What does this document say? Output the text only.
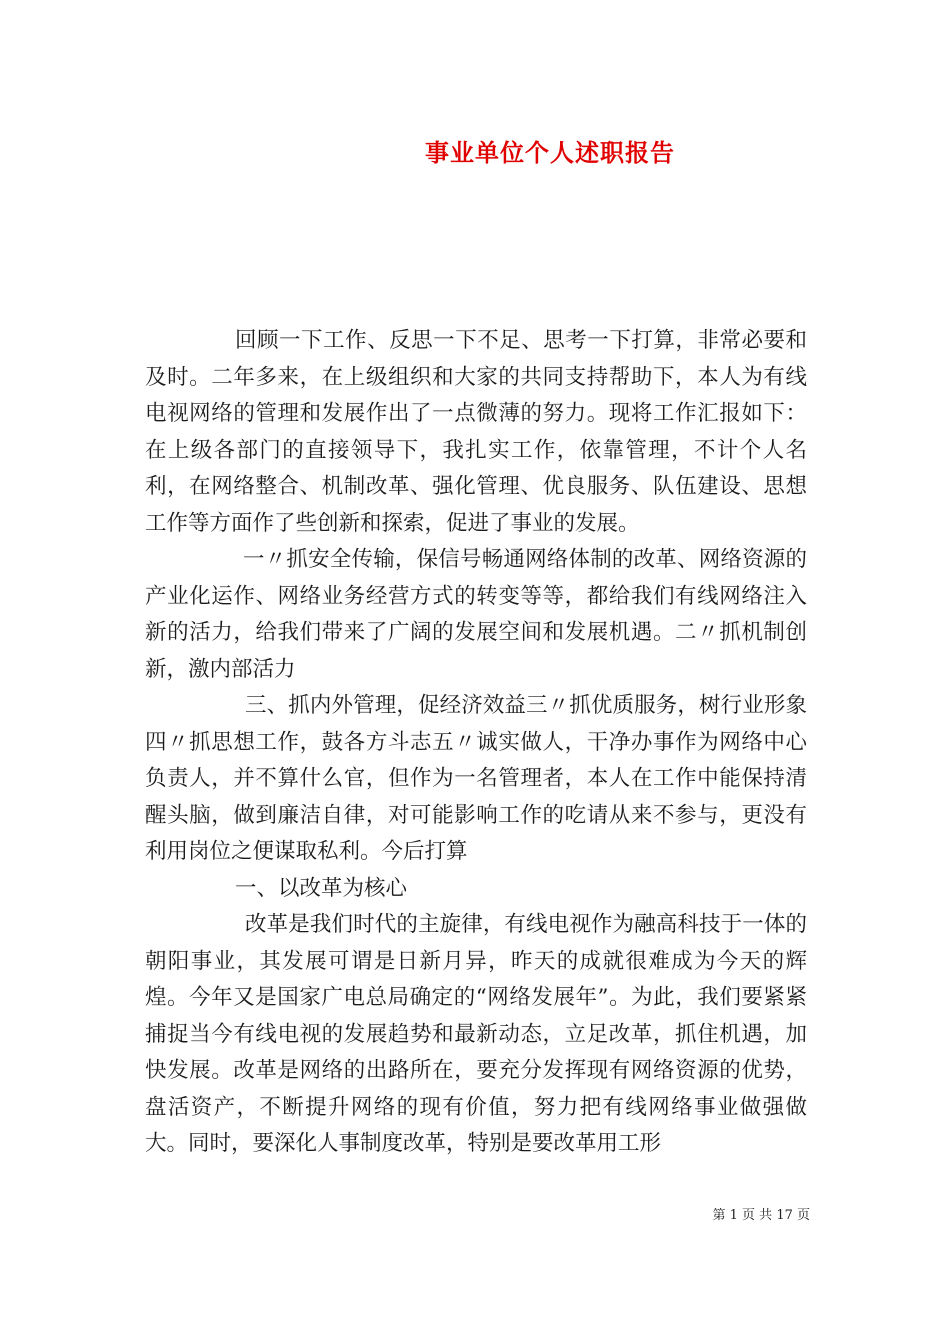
事业单位个人述职报告

回顾一下工作、反思一下不足、思考一下打算，非常必要和及时。二年多来，在上级组织和大家的共同支持帮助下，本人为有线电视网络的管理和发展作出了一点微薄的努力。现将工作汇报如下：在上级各部门的直接领导下，我扎实工作，依靠管理，不计个人名利，在网络整合、机制改革、强化管理、优良服务、队伍建设、思想工作等方面作了些创新和探索，促进了事业的发展。

一〃抓安全传输，保信号畅通网络体制的改革、网络资源的产业化运作、网络业务经营方式的转变等等，都给我们有线网络注入新的活力，给我们带来了广阔的发展空间和发展机遇。二〃抓机制创新，激内部活力

三、抓内外管理，促经济效益三〃抓优质服务，树行业形象四〃抓思想工作，鼓各方斗志五〃诚实做人，干净办事作为网络中心负责人，并不算什么官，但作为一名管理者，本人在工作中能保持清醒头脑，做到廉洁自律，对可能影响工作的吃请从来不参与，更没有利用岗位之便谋取私利。今后打算

一、以改革为核心

改革是我们时代的主旋律，有线电视作为融高科技于一体的朝阳事业，其发展可谓是日新月异，昨天的成就很难成为今天的辉煌。今年又是国家广电总局确定的“网络发展年”。为此，我们要紧紧捕捉当今有线电视的发展趋势和最新动态，立足改革，抓住机遇，加快发展。改革是网络的出路所在，要充分发挥现有网络资源的优势，盘活资产，不断提升网络的现有价值，努力把有线网络事业做强做大。同时，要深化人事制度改革，特别是要改革用工形

第 1 页 共 17 页
